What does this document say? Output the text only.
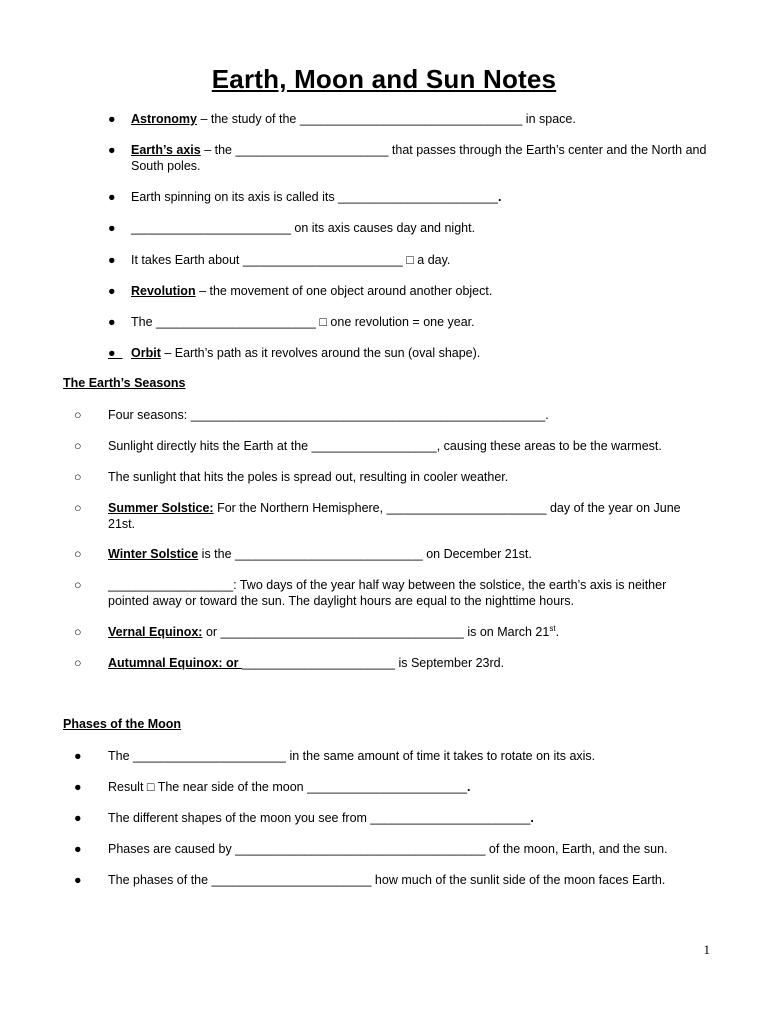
Earth, Moon and Sun Notes
●	Astronomy – the study of the ________________________________ in space.
●	Earth’s axis – the ______________________ that passes through the Earth’s center and the North and South poles.
●	Earth spinning on its axis is called its _______________________.
●	_______________________ on its axis causes day and night.
●	It takes Earth about _______________________ □ a day.
●	Revolution – the movement of one object around another object.
●	The _______________________ □ one revolution = one year.
●	Orbit – Earth’s path as it revolves around the sun (oval shape).
The Earth’s Seasons
○	Four seasons: ___________________________________________________.
○	Sunlight directly hits the Earth at the __________________, causing these areas to be the warmest.
○	The sunlight that hits the poles is spread out, resulting in cooler weather.
○	Summer Solstice: For the Northern Hemisphere, _______________________ day of the year on June 21st.
○	Winter Solstice is the ___________________________ on December 21st.
○	__________________: Two days of the year half way between the solstice, the earth’s axis is neither pointed away or toward the sun. The daylight hours are equal to the nighttime hours.
○	Vernal Equinox: or ___________________________________ is on March 21st.
○	Autumnal Equinox: or ______________________ is September 23rd.
Phases of the Moon
●	The ______________________ in the same amount of time it takes to rotate on its axis.
●	Result □ The near side of the moon _______________________.
●	The different shapes of the moon you see from _______________________.
●	Phases are caused by ____________________________________ of the moon, Earth, and the sun.
●	The phases of the _______________________ how much of the sunlit side of the moon faces Earth.
1
